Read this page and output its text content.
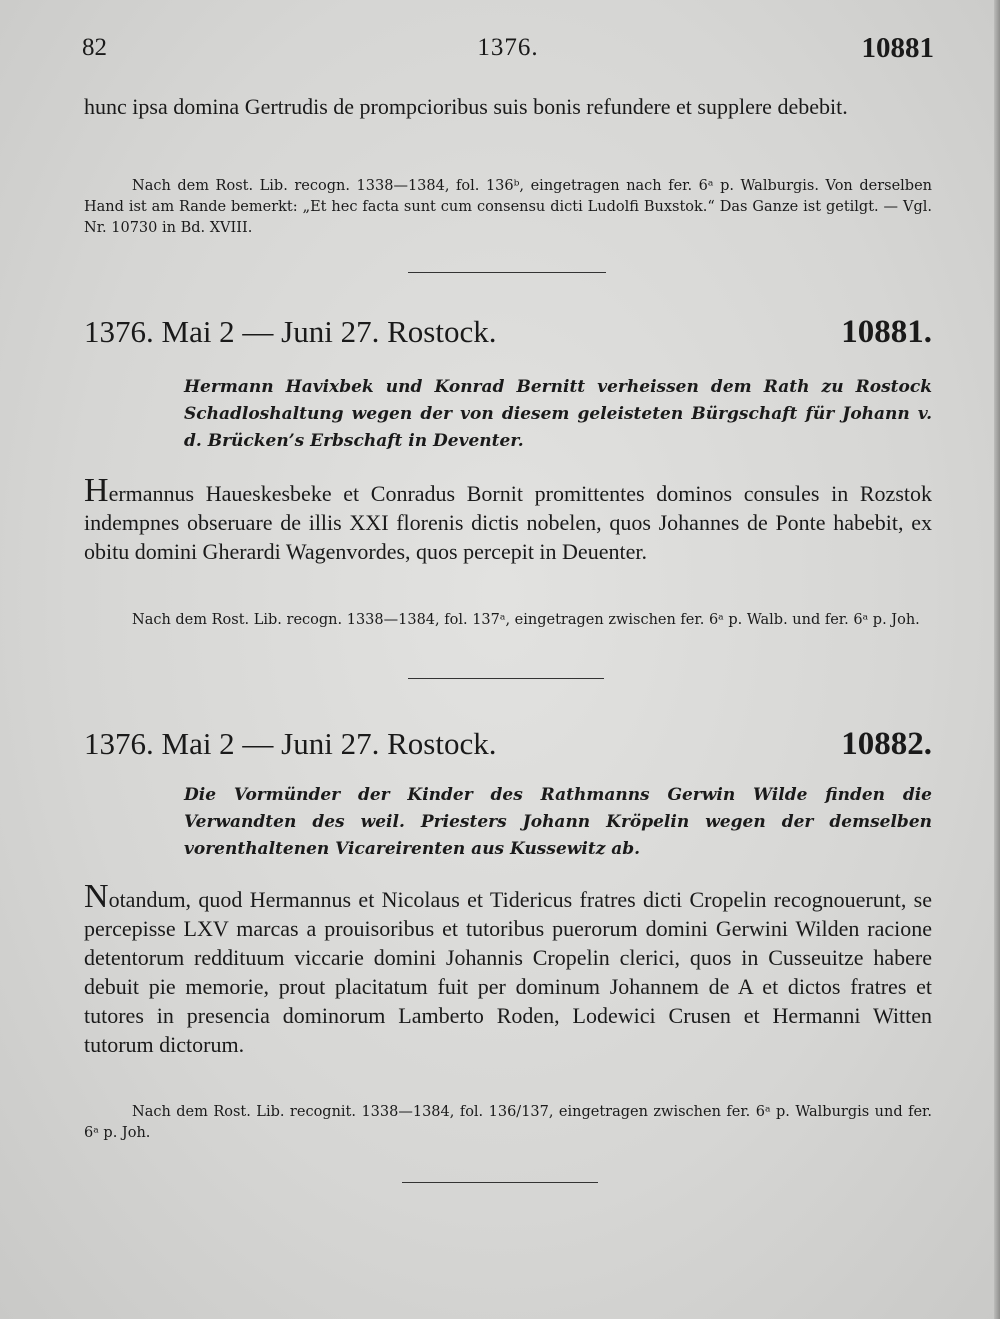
82	1376.	10881
hunc ipsa domina Gertrudis de prompcioribus suis bonis refundere et supplere debebit.
Nach dem Rost. Lib. recogn. 1338—1384, fol. 136ᵇ, eingetragen nach fer. 6ᵃ p. Walburgis. Von derselben Hand ist am Rande bemerkt: „Et hec facta sunt cum consensu dicti Ludolfi Buxstok.“ Das Ganze ist getilgt. — Vgl. Nr. 10730 in Bd. XVIII.
1376. Mai 2 — Juni 27. Rostock.	10881.
Hermann Havixbek und Konrad Bernitt verheissen dem Rath zu Rostock Schadloshaltung wegen der von diesem geleisteten Bürgschaft für Johann v. d. Brücken’s Erbschaft in Deventer.
Hermannus Haueskesbeke et Conradus Bornit promittentes dominos consules in Rozstok indempnes obseruare de illis XXI florenis dictis nobelen, quos Johannes de Ponte habebit, ex obitu domini Gherardi Wagenvordes, quos percepit in Deuenter.
Nach dem Rost. Lib. recogn. 1338—1384, fol. 137ᵃ, eingetragen zwischen fer. 6ᵃ p. Walb. und fer. 6ᵃ p. Joh.
1376. Mai 2 — Juni 27. Rostock.	10882.
Die Vormünder der Kinder des Rathmanns Gerwin Wilde finden die Verwandten des weil. Priesters Johann Kröpelin wegen der demselben vorenthaltenen Vicareirenten aus Kussewitz ab.
Notandum, quod Hermannus et Nicolaus et Tidericus fratres dicti Cropelin recognouerunt, se percepisse LXV marcas a prouisoribus et tutoribus puerorum domini Gerwini Wilden racione detentorum reddituum viccarie domini Johannis Cropelin clerici, quos in Cusseuitze habere debuit pie memorie, prout placitatum fuit per dominum Johannem de A et dictos fratres et tutores in presencia dominorum Lamberto Roden, Lodewici Crusen et Hermanni Witten tutorum dictorum.
Nach dem Rost. Lib. recognit. 1338—1384, fol. 136/137, eingetragen zwischen fer. 6ᵃ p. Walburgis und fer. 6ᵃ p. Joh.
